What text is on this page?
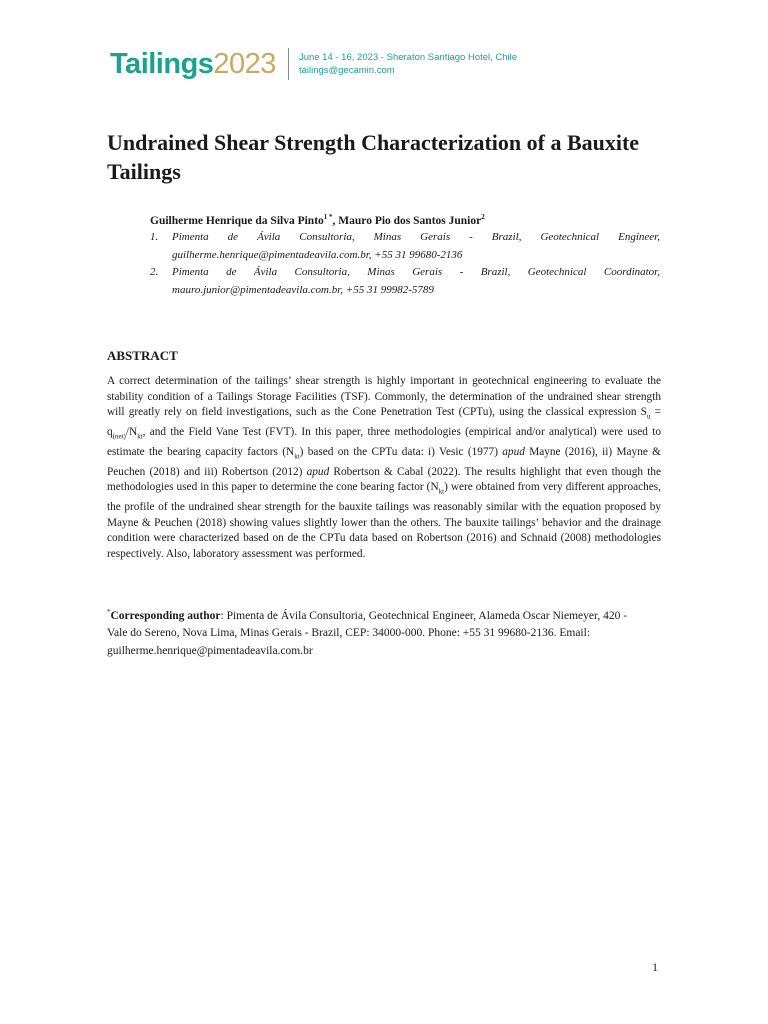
Tailings2023 June 14 - 16, 2023 - Sheraton Santiago Hotel, Chile
tailings@gecamin.com
Undrained Shear Strength Characterization of a Bauxite Tailings
Guilherme Henrique da Silva Pinto$^{1 *}$, Mauro Pio dos Santos Junior$^2$
1.	Pimenta de Ávila Consultoria, Minas Gerais - Brazil, Geotechnical Engineer, guilherme.henrique@pimentadeavila.com.br, +55 31 99680-2136
2.	Pimenta de Ávila Consultoria, Minas Gerais - Brazil, Geotechnical Coordinator, mauro.junior@pimentadeavila.com.br, +55 31 99982-5789
ABSTRACT

A correct determination of the tailings’ shear strength is highly important in geotechnical engineering to evaluate the stability condition of a Tailings Storage Facilities (TSF). Commonly, the determination of the undrained shear strength will greatly rely on field investigations, such as the Cone Penetration Test (CPTu), using the classical expression $S_u = q_{(net)}/N_{kt}$, and the Field Vane Test (FVT). In this paper, three methodologies (empirical and/or analytical) were used to estimate the bearing capacity factors $(N_{kt})$ based on the CPTu data: i) Vesic (1977) apud Mayne (2016), ii) Mayne & Peuchen (2018) and iii) Robertson (2012) apud Robertson & Cabal (2022). The results highlight that even though the methodologies used in this paper to determine the cone bearing factor $(N_{kt})$ were obtained from very different approaches, the profile of the undrained shear strength for the bauxite tailings was reasonably similar with the equation proposed by Mayne & Peuchen (2018) showing values slightly lower than the others. The bauxite tailings’ behavior and the drainage condition were characterized based on de the CPTu data based on Robertson (2016) and Schnaid (2008) methodologies respectively. Also, laboratory assessment was performed.

*Corresponding author: Pimenta de Ávila Consultoria, Geotechnical Engineer, Alameda Oscar Niemeyer, 420 - Vale do Sereno, Nova Lima, Minas Gerais - Brazil, CEP: 34000-000. Phone: +55 31 99680-2136. Email: guilherme.henrique@pimentadeavila.com.br

1
